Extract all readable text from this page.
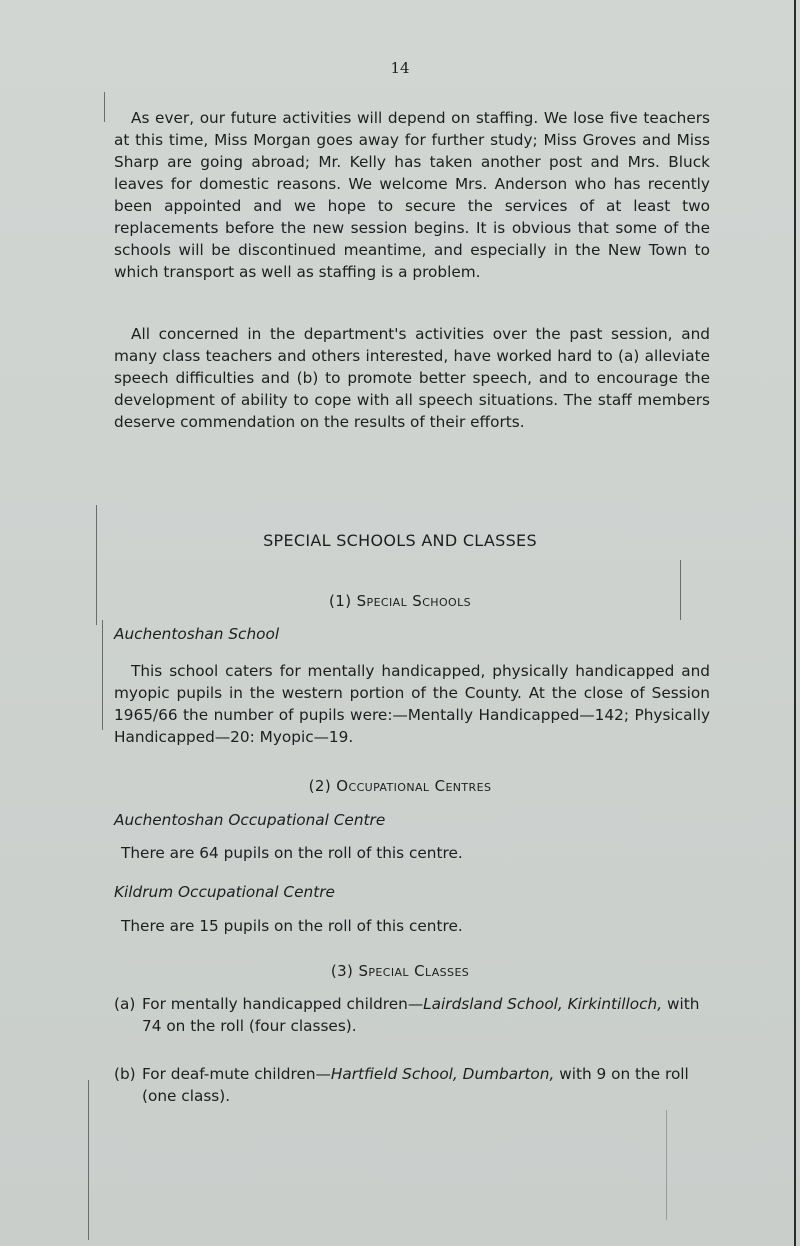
14

As ever, our future activities will depend on staffing. We lose five teachers at this time, Miss Morgan goes away for further study; Miss Groves and Miss Sharp are going abroad; Mr. Kelly has taken another post and Mrs. Bluck leaves for domestic reasons. We welcome Mrs. Anderson who has recently been appointed and we hope to secure the services of at least two replacements before the new session begins. It is obvious that some of the schools will be discontinued meantime, and especially in the New Town to which transport as well as staffing is a problem.

All concerned in the department's activities over the past session, and many class teachers and others interested, have worked hard to (a) alleviate speech difficulties and (b) to promote better speech, and to encourage the development of ability to cope with all speech situations. The staff members deserve commendation on the results of their efforts.

SPECIAL SCHOOLS AND CLASSES
(1) Special Schools
Auchentoshan School

This school caters for mentally handicapped, physically handicapped and myopic pupils in the western portion of the County. At the close of Session 1965/66 the number of pupils were:—Mentally Handicapped—142; Physically Handicapped—20: Myopic—19.

(2) Occupational Centres
Auchentoshan Occupational Centre
There are 64 pupils on the roll of this centre.
Kildrum Occupational Centre
There are 15 pupils on the roll of this centre.
(3) Special Classes
(a) For mentally handicapped children—Lairdsland School, Kirkintilloch, with 74 on the roll (four classes).
(b) For deaf-mute children—Hartfield School, Dumbarton, with 9 on the roll (one class).
